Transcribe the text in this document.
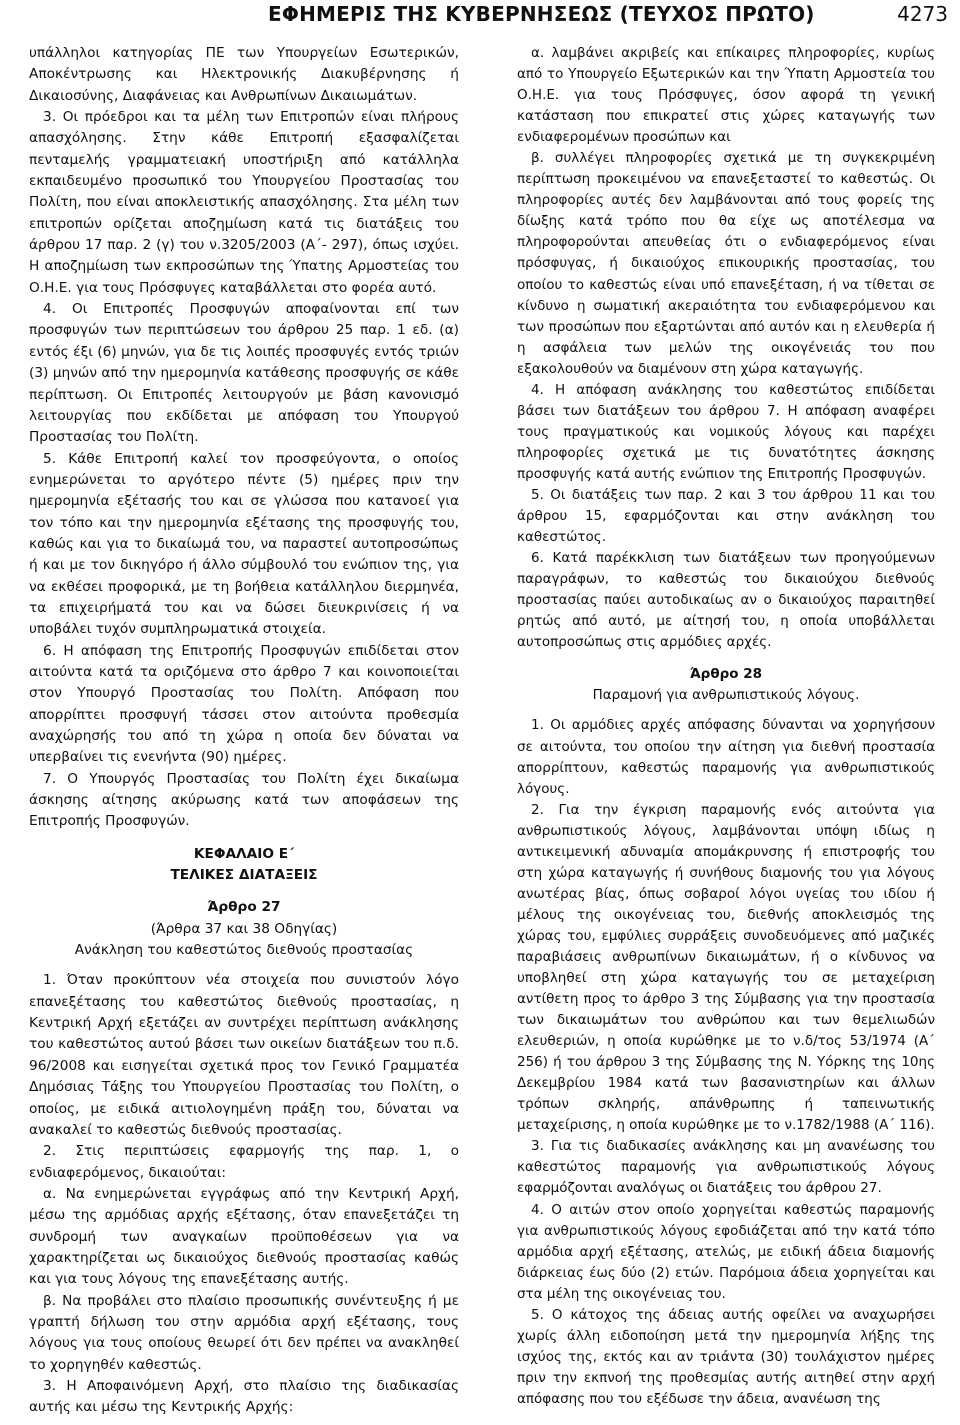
ΕΦΗΜΕΡΙΣ ΤΗΣ ΚΥΒΕΡΝΗΣΕΩΣ (ΤΕΥΧΟΣ ΠΡΩΤΟ)	4273

υπάλληλοι κατηγορίας ΠΕ των Υπουργείων Εσωτερικών, Αποκέντρωσης και Ηλεκτρονικής Διακυβέρνησης ή Δικαιοσύνης, Διαφάνειας και Ανθρωπίνων Δικαιωμάτων.

3. Οι πρόεδροι και τα μέλη των Επιτροπών είναι πλήρους απασχόλησης. Στην κάθε Επιτροπή εξασφαλίζεται πενταμελής γραμματειακή υποστήριξη από κατάλληλα εκπαιδευμένο προσωπικό του Υπουργείου Προστασίας του Πολίτη, που είναι αποκλειστικής απασχόλησης. Στα μέλη των επιτροπών ορίζεται αποζημίωση κατά τις διατάξεις του άρθρου 17 παρ. 2 (γ) του ν.3205/2003 (Α΄- 297), όπως ισχύει. Η αποζημίωση των εκπροσώπων της Ύπατης Αρμοστείας του Ο.Η.Ε. για τους Πρόσφυγες καταβάλλεται στο φορέα αυτό.

4. Οι Επιτροπές Προσφυγών αποφαίνονται επί των προσφυγών των περιπτώσεων του άρθρου 25 παρ. 1 εδ. (α) εντός έξι (6) μηνών, για δε τις λοιπές προσφυγές εντός τριών (3) μηνών από την ημερομηνία κατάθεσης προσφυγής σε κάθε περίπτωση. Οι Επιτροπές λειτουργούν με βάση κανονισμό λειτουργίας που εκδίδεται με απόφαση του Υπουργού Προστασίας του Πολίτη.

5. Κάθε Επιτροπή καλεί τον προσφεύγοντα, ο οποίος ενημερώνεται το αργότερο πέντε (5) ημέρες πριν την ημερομηνία εξέτασής του και σε γλώσσα που κατανοεί για τον τόπο και την ημερομηνία εξέτασης της προσφυγής του, καθώς και για το δικαίωμά του, να παραστεί αυτοπροσώπως ή και με τον δικηγόρο ή άλλο σύμβουλό του ενώπιον της, για να εκθέσει προφορικά, με τη βοήθεια κατάλληλου διερμηνέα, τα επιχειρήματά του και να δώσει διευκρινίσεις ή να υποβάλει τυχόν συμπληρωματικά στοιχεία.

6. Η απόφαση της Επιτροπής Προσφυγών επιδίδεται στον αιτούντα κατά τα οριζόμενα στο άρθρο 7 και κοινοποιείται στον Υπουργό Προστασίας του Πολίτη. Απόφαση που απορρίπτει προσφυγή τάσσει στον αιτούντα προθεσμία αναχώρησής του από τη χώρα η οποία δεν δύναται να υπερβαίνει τις ενενήντα (90) ημέρες.

7. Ο Υπουργός Προστασίας του Πολίτη έχει δικαίωμα άσκησης αίτησης ακύρωσης κατά των αποφάσεων της Επιτροπής Προσφυγών.

ΚΕΦΑΛΑΙΟ Ε΄

ΤΕΛΙΚΕΣ ΔΙΑΤΑΞΕΙΣ

Άρθρο 27

(Άρθρα 37 και 38 Οδηγίας)

Ανάκληση του καθεστώτος διεθνούς προστασίας

1. Όταν προκύπτουν νέα στοιχεία που συνιστούν λόγο επανεξέτασης του καθεστώτος διεθνούς προστασίας, η Κεντρική Αρχή εξετάζει αν συντρέχει περίπτωση ανάκλησης του καθεστώτος αυτού βάσει των οικείων διατάξεων του π.δ. 96/2008 και εισηγείται σχετικά προς τον Γενικό Γραμματέα Δημόσιας Τάξης του Υπουργείου Προστασίας του Πολίτη, ο οποίος, με ειδικά αιτιολογημένη πράξη του, δύναται να ανακαλεί το καθεστώς διεθνούς προστασίας.

2. Στις περιπτώσεις εφαρμογής της παρ. 1, ο ενδιαφερόμενος, δικαιούται:

α. Να ενημερώνεται εγγράφως από την Κεντρική Αρχή, μέσω της αρμόδιας αρχής εξέτασης, όταν επανεξετάζει τη συνδρομή των αναγκαίων προϋποθέσεων για να χαρακτηρίζεται ως δικαιούχος διεθνούς προστασίας καθώς και για τους λόγους της επανεξέτασης αυτής.

β. Να προβάλει στο πλαίσιο προσωπικής συνέντευξης ή με γραπτή δήλωση του στην αρμόδια αρχή εξέτασης, τους λόγους για τους οποίους θεωρεί ότι δεν πρέπει να ανακληθεί το χορηγηθέν καθεστώς.

3. Η Αποφαινόμενη Αρχή, στο πλαίσιο της διαδικασίας αυτής και μέσω της Κεντρικής Αρχής:

α. λαμβάνει ακριβείς και επίκαιρες πληροφορίες, κυρίως από το Υπουργείο Εξωτερικών και την Ύπατη Αρμοστεία του Ο.Η.Ε. για τους Πρόσφυγες, όσον αφορά τη γενική κατάσταση που επικρατεί στις χώρες καταγωγής των ενδιαφερομένων προσώπων και

β. συλλέγει πληροφορίες σχετικά με τη συγκεκριμένη περίπτωση προκειμένου να επανεξεταστεί το καθεστώς. Οι πληροφορίες αυτές δεν λαμβάνονται από τους φορείς της δίωξης κατά τρόπο που θα είχε ως αποτέλεσμα να πληροφορούνται απευθείας ότι ο ενδιαφερόμενος είναι πρόσφυγας, ή δικαιούχος επικουρικής προστασίας, του οποίου το καθεστώς είναι υπό επανεξέταση, ή να τίθεται σε κίνδυνο η σωματική ακεραιότητα του ενδιαφερόμενου και των προσώπων που εξαρτώνται από αυτόν και η ελευθερία ή η ασφάλεια των μελών της οικογένειάς του που εξακολουθούν να διαμένουν στη χώρα καταγωγής.

4. Η απόφαση ανάκλησης του καθεστώτος επιδίδεται βάσει των διατάξεων του άρθρου 7. Η απόφαση αναφέρει τους πραγματικούς και νομικούς λόγους και παρέχει πληροφορίες σχετικά με τις δυνατότητες άσκησης προσφυγής κατά αυτής ενώπιον της Επιτροπής Προσφυγών.

5. Οι διατάξεις των παρ. 2 και 3 του άρθρου 11 και του άρθρου 15, εφαρμόζονται και στην ανάκληση του καθεστώτος.

6. Κατά παρέκκλιση των διατάξεων των προηγούμενων παραγράφων, το καθεστώς του δικαιούχου διεθνούς προστασίας παύει αυτοδικαίως αν ο δικαιούχος παραιτηθεί ρητώς από αυτό, με αίτησή του, η οποία υποβάλλεται αυτοπροσώπως στις αρμόδιες αρχές.

Άρθρο 28

Παραμονή για ανθρωπιστικούς λόγους.

1. Οι αρμόδιες αρχές απόφασης δύνανται να χορηγήσουν σε αιτούντα, του οποίου την αίτηση για διεθνή προστασία απορρίπτουν, καθεστώς παραμονής για ανθρωπιστικούς λόγους.

2. Για την έγκριση παραμονής ενός αιτούντα για ανθρωπιστικούς λόγους, λαμβάνονται υπόψη ιδίως η αντικειμενική αδυναμία απομάκρυνσης ή επιστροφής του στη χώρα καταγωγής ή συνήθους διαμονής του για λόγους ανωτέρας βίας, όπως σοβαροί λόγοι υγείας του ιδίου ή μέλους της οικογένειας του, διεθνής αποκλεισμός της χώρας του, εμφύλιες συρράξεις συνοδευόμενες από μαζικές παραβιάσεις ανθρωπίνων δικαιωμάτων, ή ο κίνδυνος να υποβληθεί στη χώρα καταγωγής του σε μεταχείριση αντίθετη προς το άρθρο 3 της Σύμβασης για την προστασία των δικαιωμάτων του ανθρώπου και των θεμελιωδών ελευθεριών, η οποία κυρώθηκε με το ν.δ/τος 53/1974 (Α΄ 256) ή του άρθρου 3 της Σύμβασης της Ν. Υόρκης της 10ης Δεκεμβρίου 1984 κατά των βασανιστηρίων και άλλων τρόπων σκληρής, απάνθρωπης ή ταπεινωτικής μεταχείρισης, η οποία κυρώθηκε με το ν.1782/1988 (Α΄ 116).

3. Για τις διαδικασίες ανάκλησης και μη ανανέωσης του καθεστώτος παραμονής για ανθρωπιστικούς λόγους εφαρμόζονται αναλόγως οι διατάξεις του άρθρου 27.

4. Ο αιτών στον οποίο χορηγείται καθεστώς παραμονής για ανθρωπιστικούς λόγους εφοδιάζεται από την κατά τόπο αρμόδια αρχή εξέτασης, ατελώς, με ειδική άδεια διαμονής διάρκειας έως δύο (2) ετών. Παρόμοια άδεια χορηγείται και στα μέλη της οικογένειας του.

5. Ο κάτοχος της άδειας αυτής οφείλει να αναχωρήσει χωρίς άλλη ειδοποίηση μετά την ημερομηνία λήξης της ισχύος της, εκτός και αν τριάντα (30) τουλάχιστον ημέρες πριν την εκπνοή της προθεσμίας αυτής αιτηθεί στην αρχή απόφασης που του εξέδωσε την άδεια, ανανέωση της
